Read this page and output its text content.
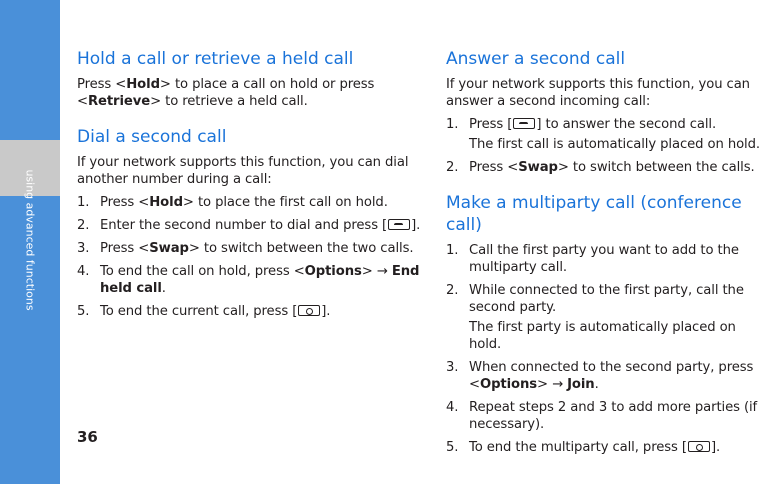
using advanced functions
Hold a call or retrieve a held call

Press <Hold> to place a call on hold or press <Retrieve> to retrieve a held call.

Dial a second call

If your network supports this function, you can dial another number during a call:

1. Press <Hold> to place the first call on hold.
2. Enter the second number to dial and press [ ].
3. Press <Swap> to switch between the two calls.
4. To end the call on hold, press <Options> → End held call.
5. To end the current call, press [ ].
Answer a second call

If your network supports this function, you can answer a second incoming call:

1. Press [ ] to answer the second call.
The first call is automatically placed on hold.
2. Press <Swap> to switch between the calls.
Make a multiparty call (conference call)
1. Call the first party you want to add to the multiparty call.
2. While connected to the first party, call the second party.
The first party is automatically placed on hold.
3. When connected to the second party, press <Options> → Join.
4. Repeat steps 2 and 3 to add more parties (if necessary).
5. To end the multiparty call, press [ ].
36
